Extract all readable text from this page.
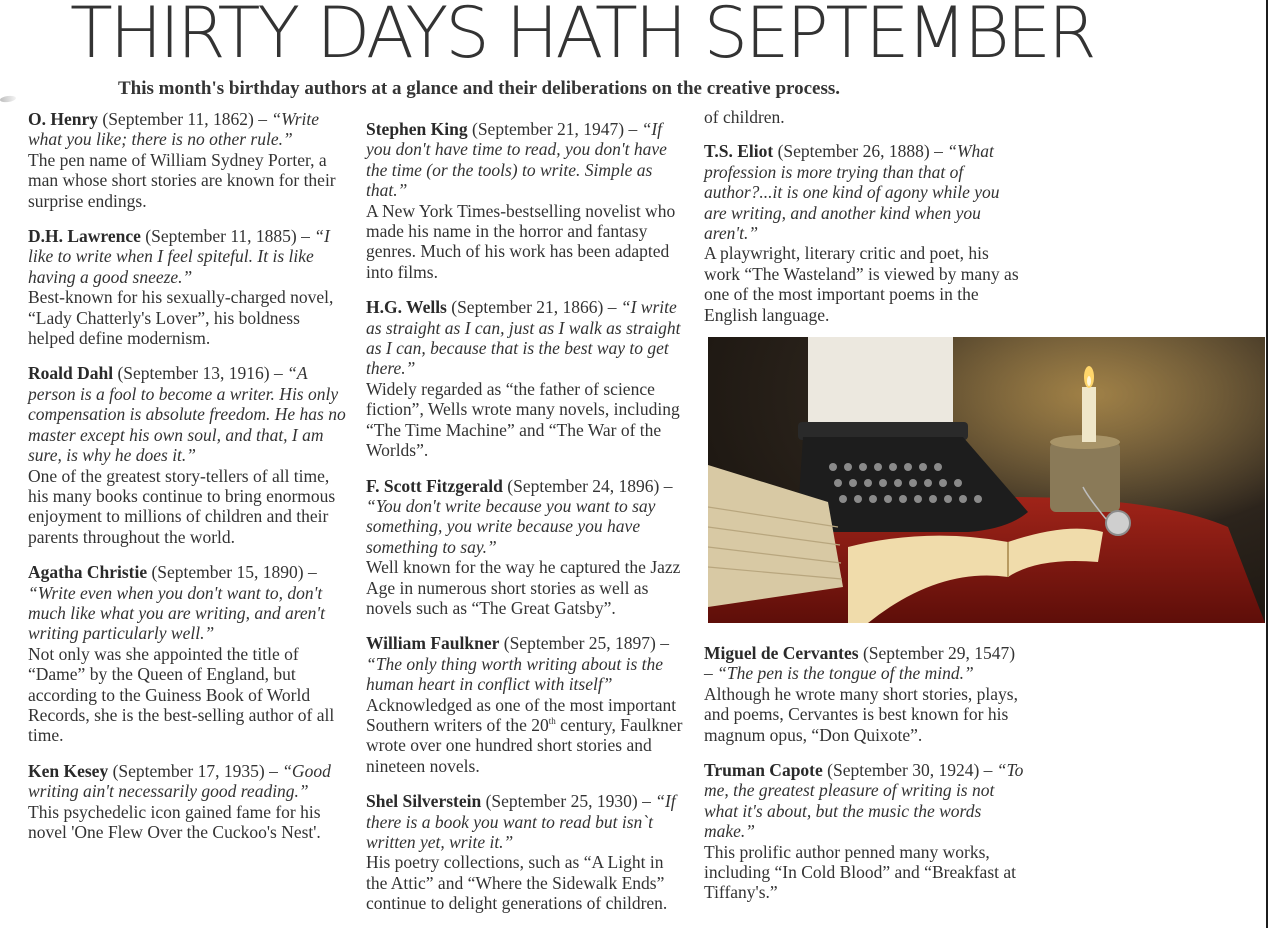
THIRTY DAYS HATH SEPTEMBER

This month's birthday authors at a glance and their deliberations on the creative process.

O. Henry (September 11, 1862) – “Write what you like; there is no other rule.”
The pen name of William Sydney Porter, a man whose short stories are known for their surprise endings.
D.H. Lawrence (September 11, 1885) – “I like to write when I feel spiteful. It is like having a good sneeze.”
Best-known for his sexually-charged novel, “Lady Chatterly's Lover”, his boldness helped define modernism.
Roald Dahl (September 13, 1916) – “A person is a fool to become a writer. His only compensation is absolute freedom. He has no master except his own soul, and that, I am sure, is why he does it.”
One of the greatest story-tellers of all time, his many books continue to bring enormous enjoyment to millions of children and their parents throughout the world.
Agatha Christie (September 15, 1890) – “Write even when you don't want to, don't much like what you are writing, and aren't writing particularly well.”
Not only was she appointed the title of “Dame” by the Queen of England, but according to the Guiness Book of World Records, she is the best-selling author of all time.
Ken Kesey (September 17, 1935) – “Good writing ain't necessarily good reading.”
This psychedelic icon gained fame for his novel 'One Flew Over the Cuckoo's Nest'.
Stephen King (September 21, 1947) – “If you don't have time to read, you don't have the time (or the tools) to write. Simple as that.”
A New York Times-bestselling novelist who made his name in the horror and fantasy genres. Much of his work has been adapted into films.
H.G. Wells (September 21, 1866) – “I write as straight as I can, just as I walk as straight as I can, because that is the best way to get there.”
Widely regarded as “the father of science fiction”, Wells wrote many novels, including “The Time Machine” and “The War of the Worlds”.
F. Scott Fitzgerald (September 24, 1896) – “You don't write because you want to say something, you write because you have something to say.”
Well known for the way he captured the Jazz Age in numerous short stories as well as novels such as “The Great Gatsby”.
William Faulkner (September 25, 1897) – “The only thing worth writing about is the human heart in conflict with itself”
Acknowledged as one of the most important Southern writers of the 20th century, Faulkner wrote over one hundred short stories and nineteen novels.
Shel Silverstein (September 25, 1930) – “If there is a book you want to read but isn`t written yet, write it.”
His poetry collections, such as “A Light in the Attic” and “Where the Sidewalk Ends” continue to delight generations of children.
of children.
T.S. Eliot (September 26, 1888) – “What profession is more trying than that of author?...it is one kind of agony while you are writing, and another kind when you aren't.”
A playwright, literary critic and poet, his work “The Wasteland” is viewed by many as one of the most important poems in the English language.
Miguel de Cervantes (September 29, 1547) – “The pen is the tongue of the mind.”
Although he wrote many short stories, plays, and poems, Cervantes is best known for his magnum opus, “Don Quixote”.
Truman Capote (September 30, 1924) – “To me, the greatest pleasure of writing is not what it's about, but the music the words make.”
This prolific author penned many works, including “In Cold Blood” and “Breakfast at Tiffany's.”
